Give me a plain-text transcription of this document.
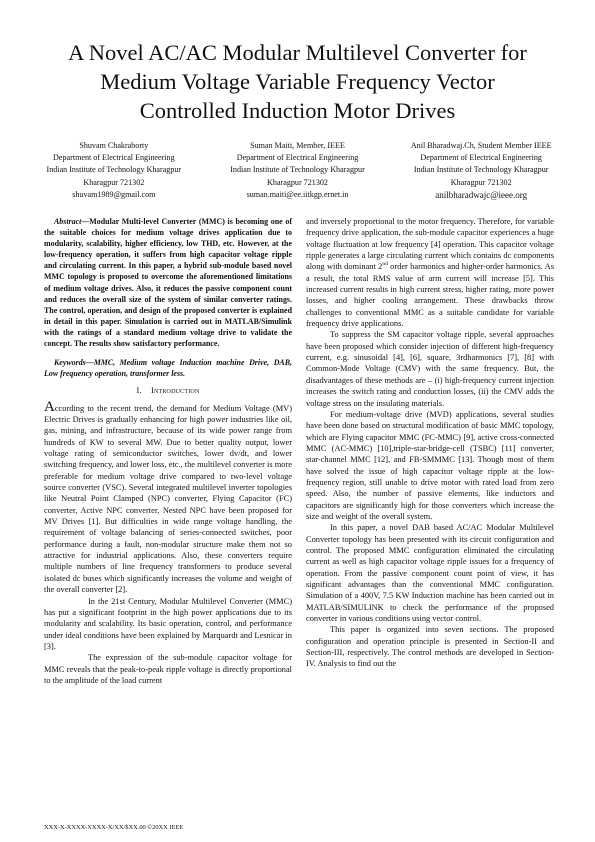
A Novel AC/AC Modular Multilevel Converter for
Medium Voltage Variable Frequency Vector
Controlled Induction Motor Drives
Shuvam Chakraborty
Department of Electrical Engineering
Indian Institute of Technology Kharagpur
Kharagpur 721302
shuvam1989@gmail.com
Suman Maiti, Member, IEEE
Department of Electrical Engineering
Indian Institute of Technology Kharagpur
Kharagpur 721302
suman.maiti@ee.iitkgp.ernet.in
Anil Bharadwaj.Ch, Student Member IEEE
Department of Electrical Engineering
Indian Institute of Technology Kharagpur
Kharagpur 721302
anilbharadwajc@ieee.org

Abstract—Modular Multi-level Converter (MMC) is becoming one of the suitable choices for medium voltage drives application due to modularity, scalability, higher efficiency, low THD, etc. However, at the low-frequency operation, it suffers from high capacitor voltage ripple and circulating current. In this paper, a hybrid sub-module based novel MMC topology is proposed to overcome the aforementioned limitations of medium voltage drives. Also, it reduces the passive component count and reduces the overall size of the system of similar converter ratings. The control, operation, and design of the proposed converter is explained in detail in this paper. Simulation is carried out in MATLAB/Simulink with the ratings of a standard medium voltage drive to validate the concept. The results show satisfactory performance.

Keywords—MMC, Medium voltage Induction machine Drive, DAB, Low frequency operation, transformer less.

I. Introduction

According to the recent trend, the demand for Medium Voltage (MV) Electric Drives is gradually enhancing for high power industries like oil, gas, mining, and infrastructure, because of its wide power range from hundreds of KW to several MW. Due to better quality output, lower voltage rating of semiconductor switches, lower dv/dt, and lower switching frequency, and lower loss, etc., the multilevel converter is more preferable for medium voltage drive compared to two-level voltage source converter (VSC). Several integrated multilevel inverter topologies like Neutral Point Clamped (NPC) converter, Flying Capacitor (FC) converter, Active NPC converter, Nested NPC have been proposed for MV Drives [1]. But difficulties in wide range voltage handling, the requirement of voltage balancing of series-connected switches, poor performance during a fault, non-modular structure make them not so attractive for industrial applications. Also, these converters require multiple numbers of line frequency transformers to produce several isolated dc buses which significantly increases the volume and weight of the overall converter [2].

In the 21st Century, Modular Multilevel Converter (MMC) has put a significant footprint in the high power applications due to its modularity and scalability. Its basic operation, control, and performance under ideal conditions have been explained by Marquardt and Lesnicar in [3].

The expression of the sub-module capacitor voltage for MMC reveals that the peak-to-peak ripple voltage is directly proportional to the amplitude of the load current

and inversely proportional to the motor frequency. Therefore, for variable frequency drive application, the sub-module capacitor experiences a huge voltage fluctuation at low frequency [4] operation. This capacitor voltage ripple generates a large circulating current which contains dc components along with dominant 2nd order harmonics and higher-order harmonics. As a result, the total RMS value of arm current will increase [5]. This increased current results in high current stress, higher rating, more power losses, and higher cooling arrangement. These drawbacks throw challenges to conventional MMC as a suitable candidate for variable frequency drive applications.

To suppress the SM capacitor voltage ripple, several approaches have been proposed which consider injection of different high-frequency current, e.g. sinusoidal [4], [6], square, 3rdharmonics [7], [8] with Common-Mode Voltage (CMV) with the same frequency. But, the disadvantages of these methods are – (i) high-frequency current injection increases the switch rating and conduction losses, (ii) the CMV adds the voltage stress on the insulating materials.

For medium-voltage drive (MVD) applications, several studies have been done based on structural modification of basic MMC topology, which are Flying capacitor MMC (FC-MMC) [9], active cross-connected MMC (AC-MMC) [10],triple-star-bridge-cell (TSBC) [11] converter, star-channel MMC [12], and FB-SMMMC [13]. Though most of them have solved the issue of high capacitor voltage ripple at the low-frequency region, still unable to drive motor with rated load from zero speed. Also, the number of passive elements, like inductors and capacitors are significantly high for those converters which increase the size and weight of the overall system.

In this paper, a novel DAB based AC/AC Modular Multilevel Converter topology has been presented with its circuit configuration and control. The proposed MMC configuration eliminated the circulating current as well as high capacitor voltage ripple issues for a frequency of operation. From the passive component count point of view, it has significant advantages than the conventional MMC configuration. Simulation of a 400V, 7.5 KW Induction machine has been carried out in MATLAB/SIMULINK to check the performance of the proposed converter in various conditions using vector control.

This paper is organized into seven sections. The proposed configuration and operation principle is presented in Section-II and Section-III, respectively. The control methods are developed in Section-IV. Analysis to find out the

XXX-X-XXXX-XXXX-X/XX/$XX.00 ©20XX IEEE
